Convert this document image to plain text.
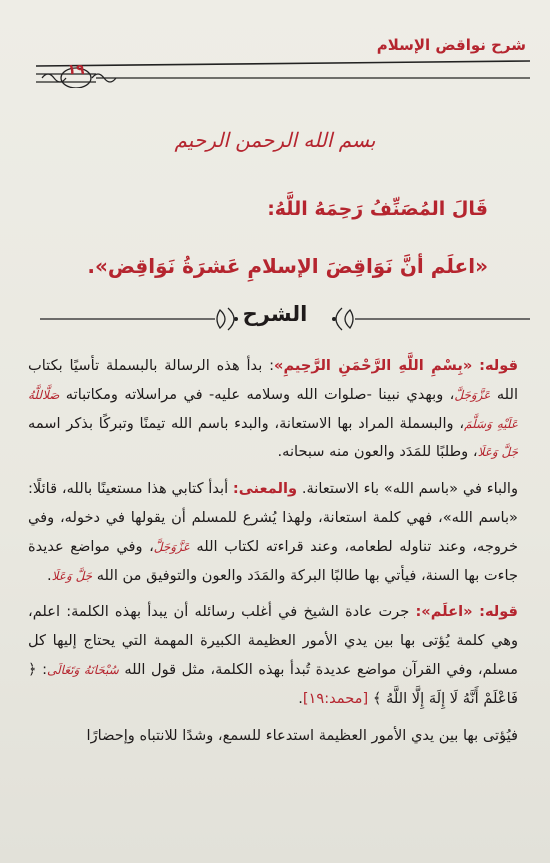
شرح نواقض الإسلام
١٩
بسم الله الرحمن الرحيم
قَالَ المُصَنِّفُ رَحِمَهُ اللَّهُ:
«اعلَم أنَّ نَوَاقِضَ الإسلامِ عَشرَةُ نَوَاقِض».
الشرح

قوله: «بِسْمِ اللَّهِ الرَّحْمَنِ الرَّحِيمِ»: بدأ هذه الرسالة بالبسملة تأسيًا بكتاب الله عَزَّوَجَلَّ، وبهدي نبينا -صلوات الله وسلامه عليه- في مراسلاته ومكاتباته صَلَّاللَّهُ عَلَيْهِ وَسَلَّمَ، والبسملة المراد بها الاستعانة، والبدء باسم الله تيمنًا وتبركًا بذكر اسمه جَلَّ وَعَلَا، وطلبًا للمَدَد والعون منه سبحانه.

والباء في «باسم الله» باء الاستعانة. والمعنى: أبدأ كتابي هذا مستعينًا بالله، قائلًا: «باسم الله»، فهي كلمة استعانة، ولهذا يُشرع للمسلم أن يقولها في دخوله، وفي خروجه، وعند تناوله لطعامه، وعند قراءته لكتاب الله عَزَّوَجَلَّ، وفي مواضع عديدة جاءت بها السنة، فيأتي بها طالبًا البركة والمَدَد والعون والتوفيق من الله جَلَّ وَعَلَا.

قوله: «اعلَم»: جرت عادة الشيخ في أغلب رسائله أن يبدأ بهذه الكلمة: اعلم، وهي كلمة يُؤتى بها بين يدي الأمور العظيمة الكبيرة المهمة التي يحتاج إليها كل مسلم، وفي القرآن مواضع عديدة تُبدأ بهذه الكلمة، مثل قول الله سُبْحَانَهُ وَتَعَالَى: ﴿ فَاعْلَمْ أَنَّهُ لَا إِلَهَ إِلَّا اللَّهُ ﴾ [محمد:١٩].

فيُؤتى بها بين يدي الأمور العظيمة استدعاء للسمع، وشدًا للانتباه وإحضارًا
